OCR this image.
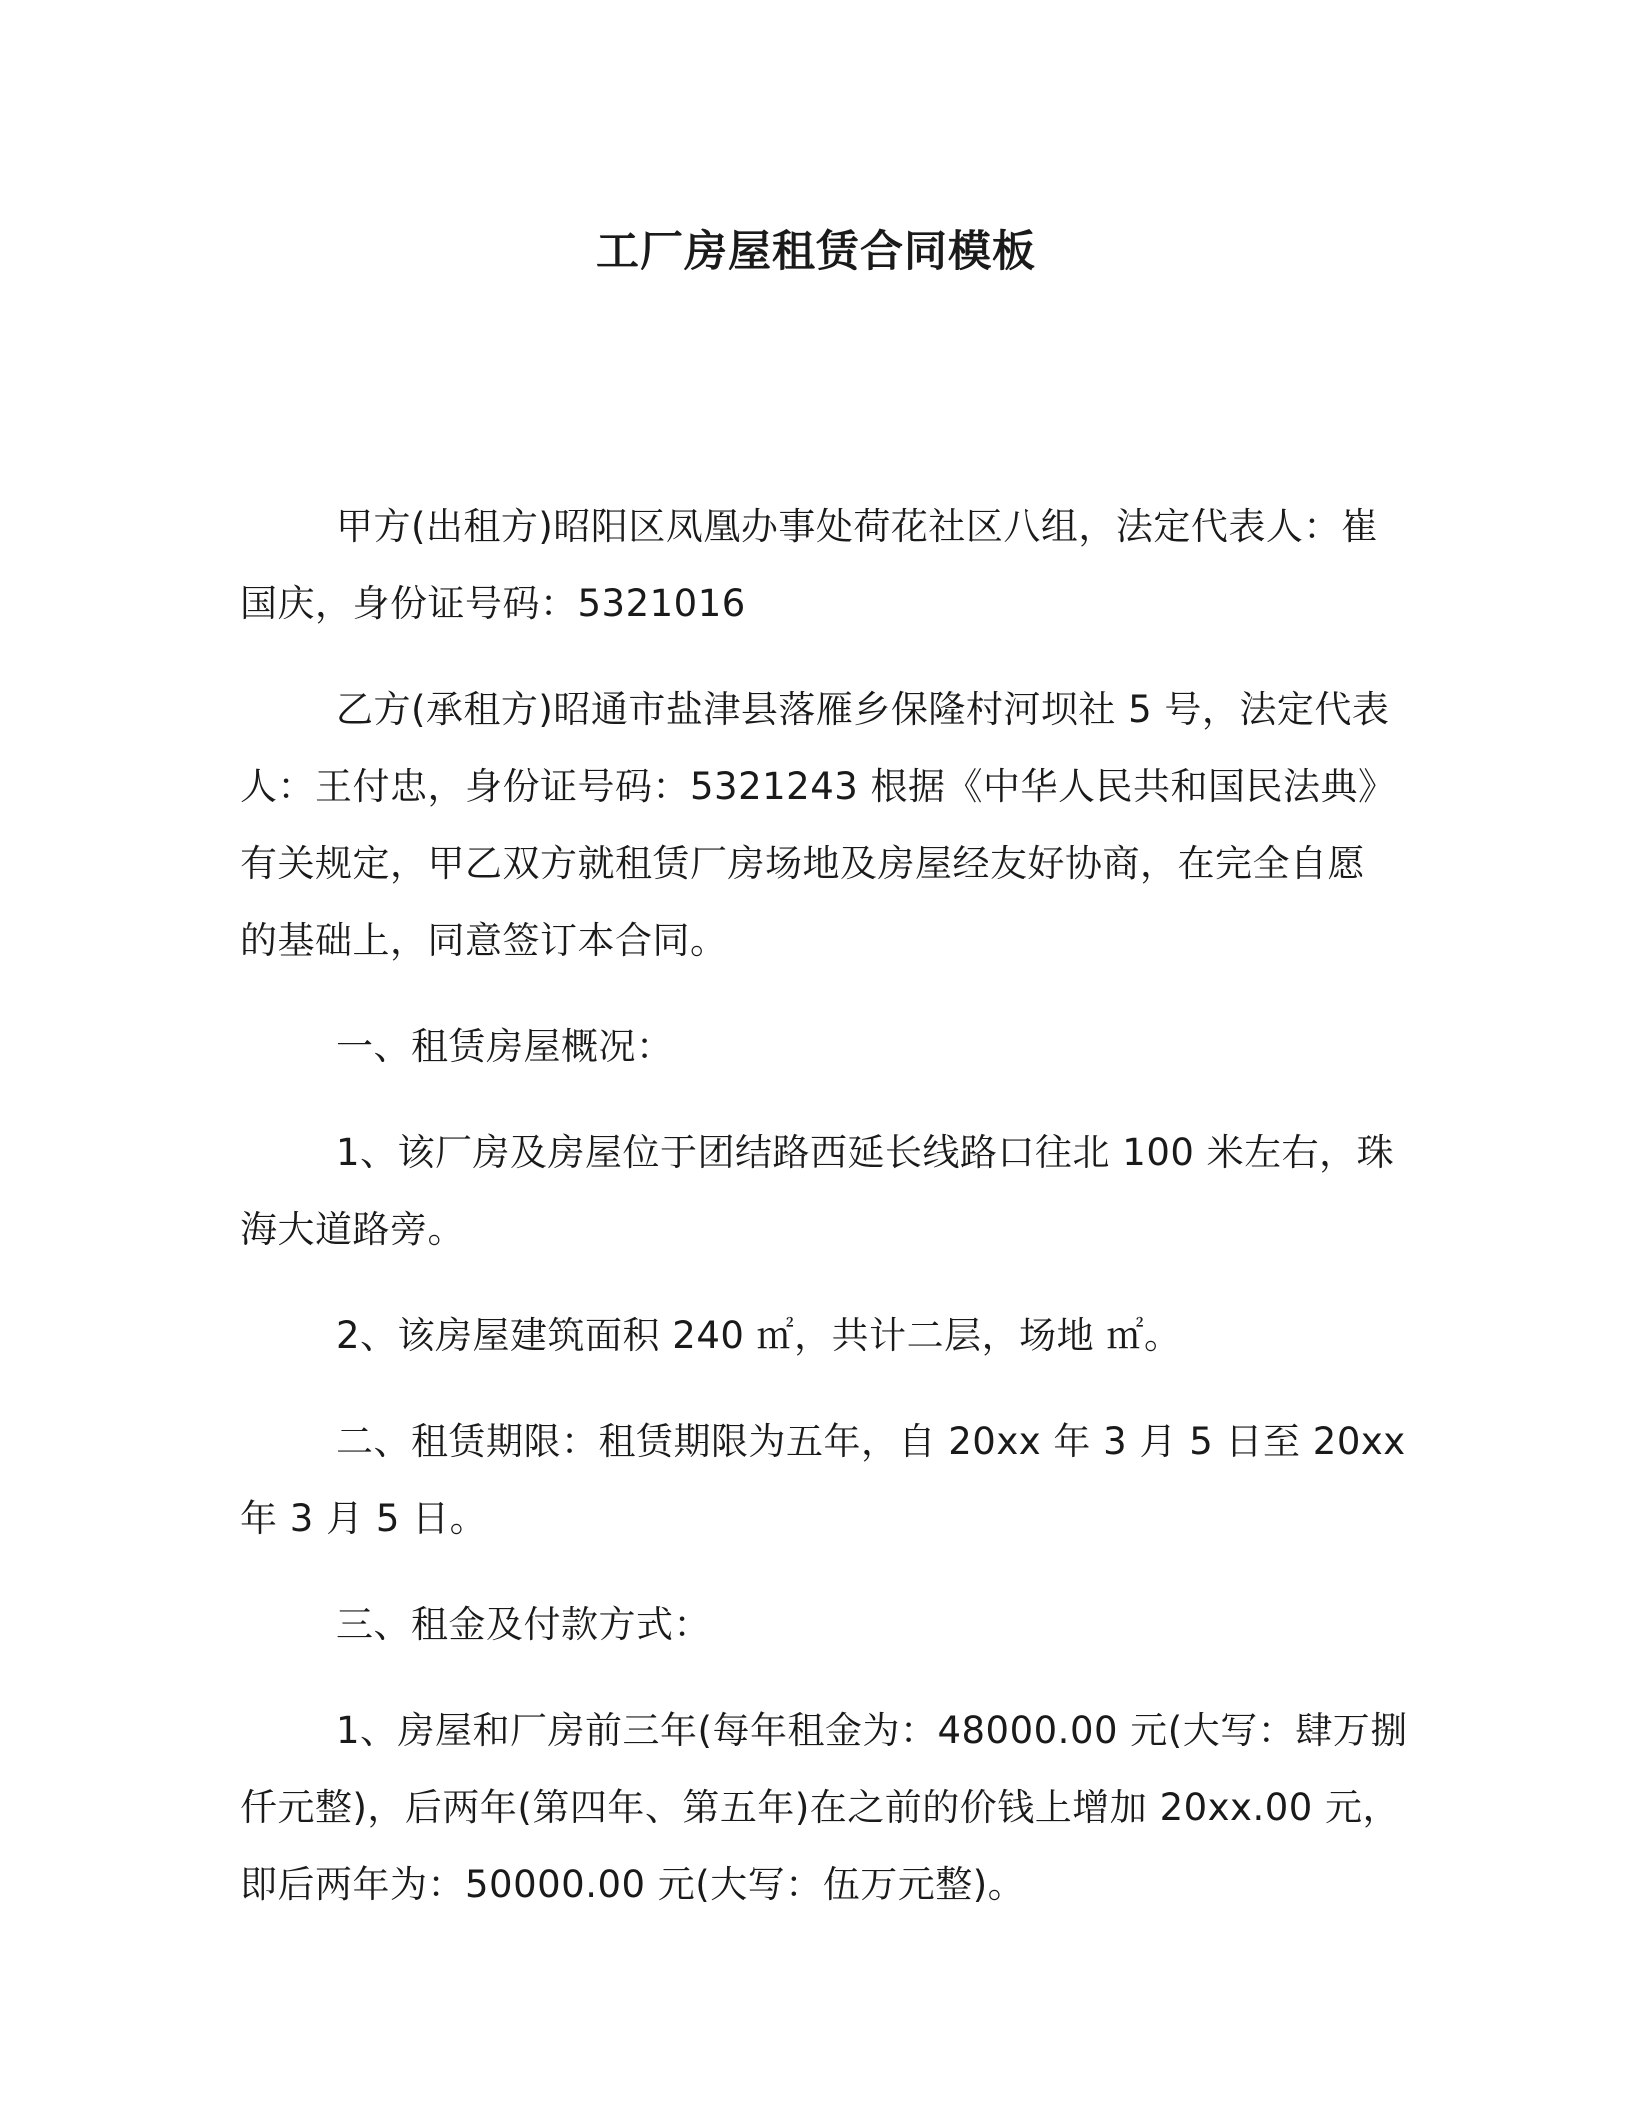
工厂房屋租赁合同模板

甲方(出租方)昭阳区凤凰办事处荷花社区八组，法定代表人：崔
国庆，身份证号码：5321016

乙方(承租方)昭通市盐津县落雁乡保隆村河坝社 5 号，法定代表
人：王付忠，身份证号码：5321243 根据《中华人民共和国民法典》
有关规定，甲乙双方就租赁厂房场地及房屋经友好协商，在完全自愿
的基础上，同意签订本合同。

一、租赁房屋概况：

1、该厂房及房屋位于团结路西延长线路口往北 100 米左右，珠
海大道路旁。

2、该房屋建筑面积 240 ㎡，共计二层，场地 ㎡。

二、租赁期限：租赁期限为五年，自 20xx 年 3 月 5 日至 20xx
年 3 月 5 日。

三、租金及付款方式：

1、房屋和厂房前三年(每年租金为：48000.00 元(大写：肆万捌
仟元整)，后两年(第四年、第五年)在之前的价钱上增加 20xx.00 元，
即后两年为：50000.00 元(大写：伍万元整)。
